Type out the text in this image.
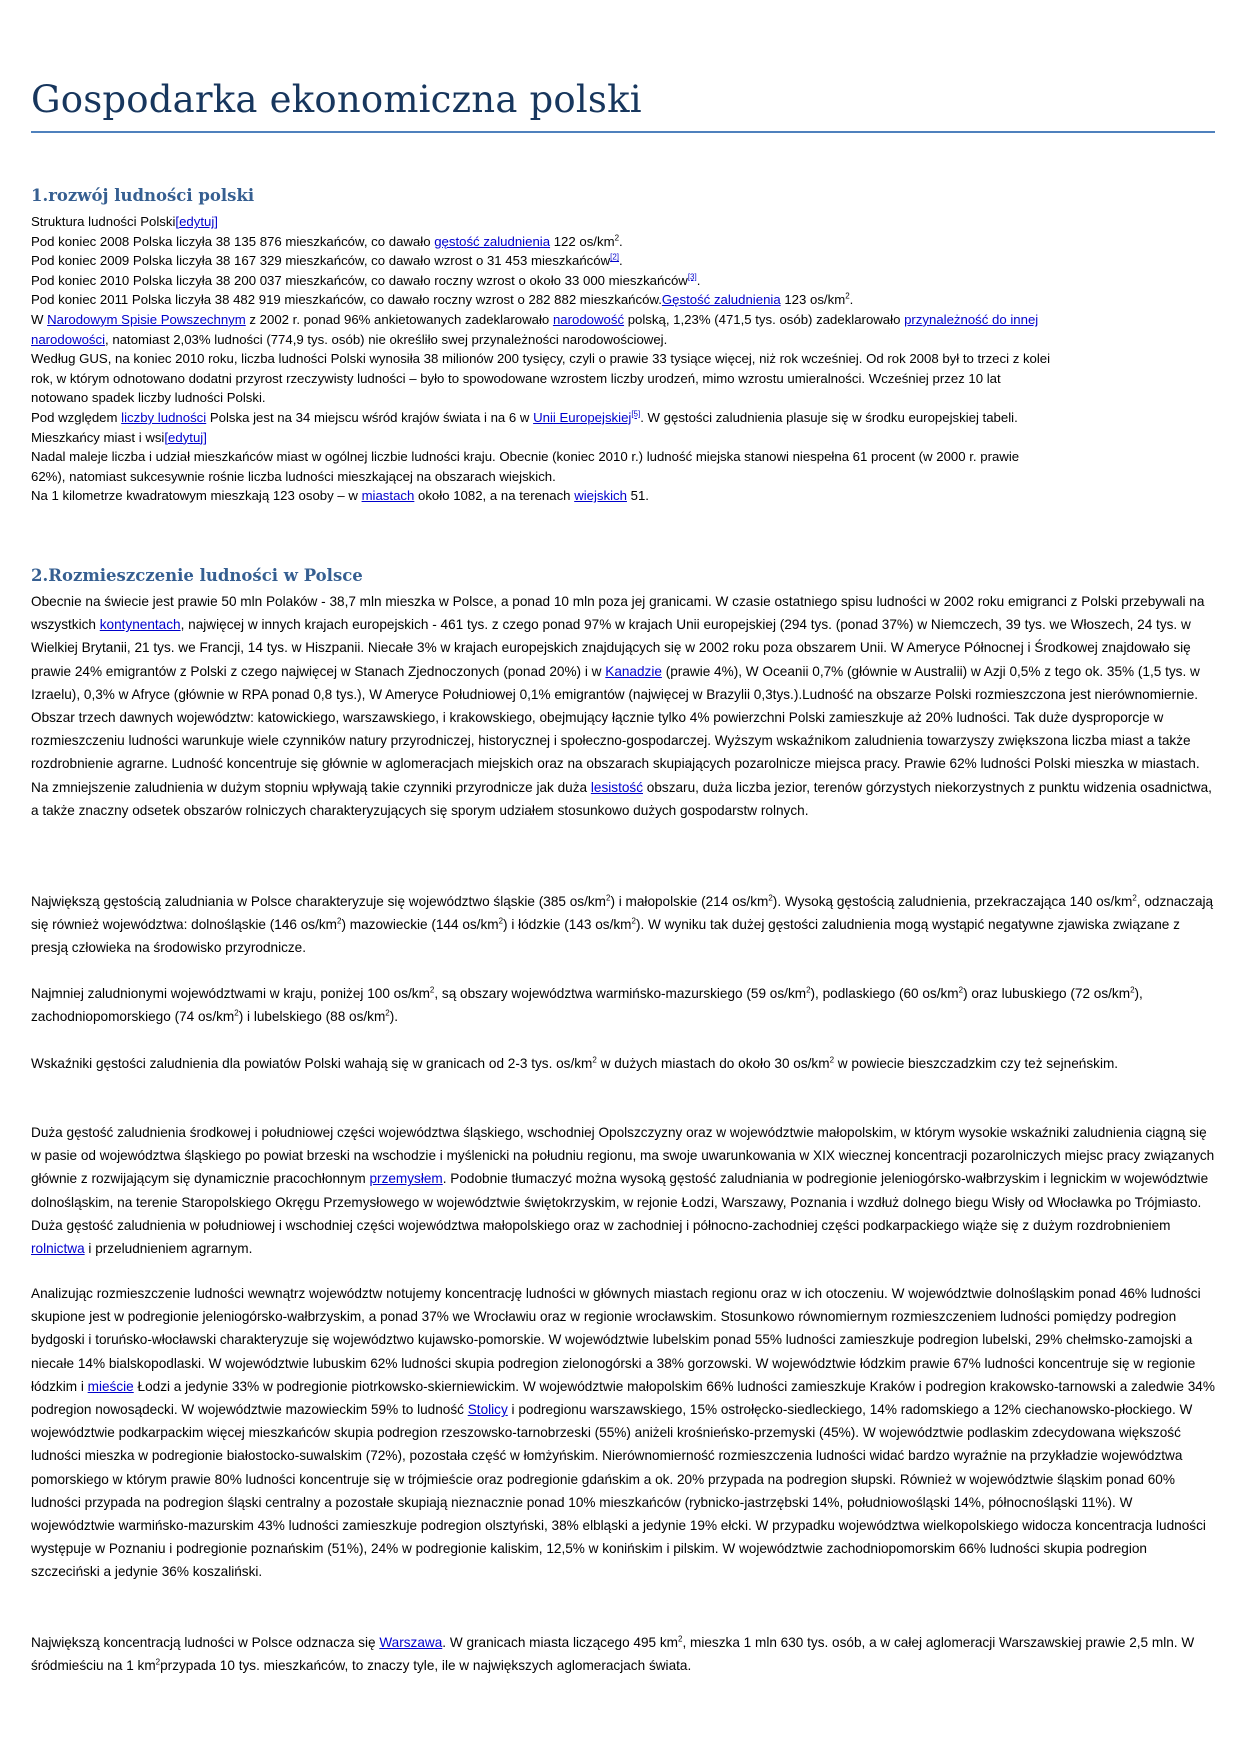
Gospodarka ekonomiczna polski
1.rozwój ludności polski
Struktura ludności Polski[edytuj]
Pod koniec 2008 Polska liczyła 38 135 876 mieszkańców, co dawało gęstość zaludnienia 122 $os/km^2$.
Pod koniec 2009 Polska liczyła 38 167 329 mieszkańców, co dawało wzrost o 31 453 mieszkańców[2].
Pod koniec 2010 Polska liczyła 38 200 037 mieszkańców, co dawało roczny wzrost o około 33 000 mieszkańców[3].
Pod koniec 2011 Polska liczyła 38 482 919 mieszkańców, co dawało roczny wzrost o 282 882 mieszkańców.Gęstość zaludnienia 123 $os/km^2$.
W Narodowym Spisie Powszechnym z 2002 r. ponad 96% ankietowanych zadeklarowało narodowość polską, 1,23% (471,5 tys. osób) zadeklarowało przynależność do innej
narodowości, natomiast 2,03% ludności (774,9 tys. osób) nie określiło swej przynależności narodowościowej.
Według GUS, na koniec 2010 roku, liczba ludności Polski wynosiła 38 milionów 200 tysięcy, czyli o prawie 33 tysiące więcej, niż rok wcześniej. Od rok 2008 był to trzeci z kolei
rok, w którym odnotowano dodatni przyrost rzeczywisty ludności – było to spowodowane wzrostem liczby urodzeń, mimo wzrostu umieralności. Wcześniej przez 10 lat
notowano spadek liczby ludności Polski.
Pod względem liczby ludności Polska jest na 34 miejscu wśród krajów świata i na 6 w Unii Europejskiej[5]. W gęstości zaludnienia plasuje się w środku europejskiej tabeli.
Mieszkańcy miast i wsi[edytuj]
Nadal maleje liczba i udział mieszkańców miast w ogólnej liczbie ludności kraju. Obecnie (koniec 2010 r.) ludność miejska stanowi niespełna 61 procent (w 2000 r. prawie
62%), natomiast sukcesywnie rośnie liczba ludności mieszkającej na obszarach wiejskich.
Na 1 kilometrze kwadratowym mieszkają 123 osoby – w miastach około 1082, a na terenach wiejskich 51.
2.Rozmieszczenie ludności w Polsce

Obecnie na świecie jest prawie 50 mln Polaków - 38,7 mln mieszka w Polsce, a ponad 10 mln poza jej granicami. W czasie ostatniego spisu ludności w 2002 roku emigranci z Polski przebywali na wszystkich kontynentach, najwięcej w innych krajach europejskich - 461 tys. z czego ponad 97% w krajach Unii europejskiej (294 tys. (ponad 37%) w Niemczech, 39 tys. we Włoszech, 24 tys. w Wielkiej Brytanii, 21 tys. we Francji, 14 tys. w Hiszpanii. Niecałe 3% w krajach europejskich znajdujących się w 2002 roku poza obszarem Unii. W Ameryce Północnej i Środkowej znajdowało się prawie 24% emigrantów z Polski z czego najwięcej w Stanach Zjednoczonych (ponad 20%) i w Kanadzie (prawie 4%), W Oceanii 0,7% (głównie w Australii) w Azji 0,5% z tego ok. 35% (1,5 tys. w Izraelu), 0,3% w Afryce (głównie w RPA ponad 0,8 tys.), W Ameryce Południowej 0,1% emigrantów (najwięcej w Brazylii 0,3tys.).Ludność na obszarze Polski rozmieszczona jest nierównomiernie. Obszar trzech dawnych województw: katowickiego, warszawskiego, i krakowskiego, obejmujący łącznie tylko 4% powierzchni Polski zamieszkuje aż 20% ludności. Tak duże dysproporcje w rozmieszczeniu ludności warunkuje wiele czynników natury przyrodniczej, historycznej i społeczno-gospodarczej. Wyższym wskaźnikom zaludnienia towarzyszy zwiększona liczba miast a także rozdrobnienie agrarne. Ludność koncentruje się głównie w aglomeracjach miejskich oraz na obszarach skupiających pozarolnicze miejsca pracy. Prawie 62% ludności Polski mieszka w miastach. Na zmniejszenie zaludnienia w dużym stopniu wpływają takie czynniki przyrodnicze jak duża lesistość obszaru, duża liczba jezior, terenów górzystych niekorzystnych z punktu widzenia osadnictwa, a także znaczny odsetek obszarów rolniczych charakteryzujących się sporym udziałem stosunkowo dużych gospodarstw rolnych.

Największą gęstością zaludniania w Polsce charakteryzuje się województwo śląskie (385 $os/km^2$) i małopolskie (214 $os/km^2$). Wysoką gęstością zaludnienia, przekraczająca 140 $os/km^2$, odznaczają się również województwa: dolnośląskie (146 $os/km^2$) mazowieckie (144 $os/km^2$) i łódzkie (143 $os/km^2$). W wyniku tak dużej gęstości zaludnienia mogą wystąpić negatywne zjawiska związane z presją człowieka na środowisko przyrodnicze.

Najmniej zaludnionymi województwami w kraju, poniżej 100 $os/km^2$, są obszary województwa warmińsko-mazurskiego (59 $os/km^2$), podlaskiego (60 $os/km^2$) oraz lubuskiego (72 $os/km^2$), zachodniopomorskiego (74 $os/km^2$) i lubelskiego (88 $os/km^2$).

Wskaźniki gęstości zaludnienia dla powiatów Polski wahają się w granicach od 2-3 tys. $os/km^2$ w dużych miastach do około 30 $os/km^2$ w powiecie bieszczadzkim czy też sejneńskim.

Duża gęstość zaludnienia środkowej i południowej części województwa śląskiego, wschodniej Opolszczyzny oraz w województwie małopolskim, w którym wysokie wskaźniki zaludnienia ciągną się w pasie od województwa śląskiego po powiat brzeski na wschodzie i myślenicki na południu regionu, ma swoje uwarunkowania w XIX wiecznej koncentracji pozarolniczych miejsc pracy związanych głównie z rozwijającym się dynamicznie pracochłonnym przemysłem. Podobnie tłumaczyć można wysoką gęstość zaludniania w podregionie jeleniogórsko-wałbrzyskim i legnickim w województwie dolnośląskim, na terenie Staropolskiego Okręgu Przemysłowego w województwie świętokrzyskim, w rejonie Łodzi, Warszawy, Poznania i wzdłuż dolnego biegu Wisły od Włocławka po Trójmiasto. Duża gęstość zaludnienia w południowej i wschodniej części województwa małopolskiego oraz w zachodniej i północno-zachodniej części podkarpackiego wiąże się z dużym rozdrobnieniem rolnictwa i przeludnieniem agrarnym.

Analizując rozmieszczenie ludności wewnątrz województw notujemy koncentrację ludności w głównych miastach regionu oraz w ich otoczeniu. W województwie dolnośląskim ponad 46% ludności skupione jest w podregionie jeleniogórsko-wałbrzyskim, a ponad 37% we Wrocławiu oraz w regionie wrocławskim. Stosunkowo równomiernym rozmieszczeniem ludności pomiędzy podregion bydgoski i toruńsko-włocławski charakteryzuje się województwo kujawsko-pomorskie. W województwie lubelskim ponad 55% ludności zamieszkuje podregion lubelski, 29% chełmsko-zamojski a niecałe 14% bialskopodlaski. W województwie lubuskim 62% ludności skupia podregion zielonogórski a 38% gorzowski. W województwie łódzkim prawie 67% ludności koncentruje się w regionie łódzkim i mieście Łodzi a jedynie 33% w podregionie piotrkowsko-skierniewickim. W województwie małopolskim 66% ludności zamieszkuje Kraków i podregion krakowsko-tarnowski a zaledwie 34% podregion nowosądecki. W województwie mazowieckim 59% to ludność Stolicy i podregionu warszawskiego, 15% ostrołęcko-siedleckiego, 14% radomskiego a 12% ciechanowsko-płockiego. W województwie podkarpackim więcej mieszkańców skupia podregion rzeszowsko-tarnobrzeski (55%) aniżeli krośnieńsko-przemyski (45%). W województwie podlaskim zdecydowana większość ludności mieszka w podregionie białostocko-suwalskim (72%), pozostała część w łomżyńskim. Nierównomierność rozmieszczenia ludności widać bardzo wyraźnie na przykładzie województwa pomorskiego w którym prawie 80% ludności koncentruje się w trójmieście oraz podregionie gdańskim a ok. 20% przypada na podregion słupski. Również w województwie śląskim ponad 60% ludności przypada na podregion śląski centralny a pozostałe skupiają nieznacznie ponad 10% mieszkańców (rybnicko-jastrzębski 14%, południowośląski 14%, północnośląski 11%). W województwie warmińsko-mazurskim 43% ludności zamieszkuje podregion olsztyński, 38% elbląski a jedynie 19% ełcki. W przypadku województwa wielkopolskiego widocza koncentracja ludności występuje w Poznaniu i podregionie poznańskim (51%), 24% w podregionie kaliskim, 12,5% w konińskim i pilskim. W województwie zachodniopomorskim 66% ludności skupia podregion szczeciński a jedynie 36% koszaliński.

Największą koncentracją ludności w Polsce odznacza się Warszawa. W granicach miasta liczącego 495 $km^2$, mieszka 1 mln 630 tys. osób, a w całej aglomeracji Warszawskiej prawie 2,5 mln. W śródmieściu na 1 $km^2przypada$ 10 tys. mieszkańców, to znaczy tyle, ile w największych aglomeracjach świata.
